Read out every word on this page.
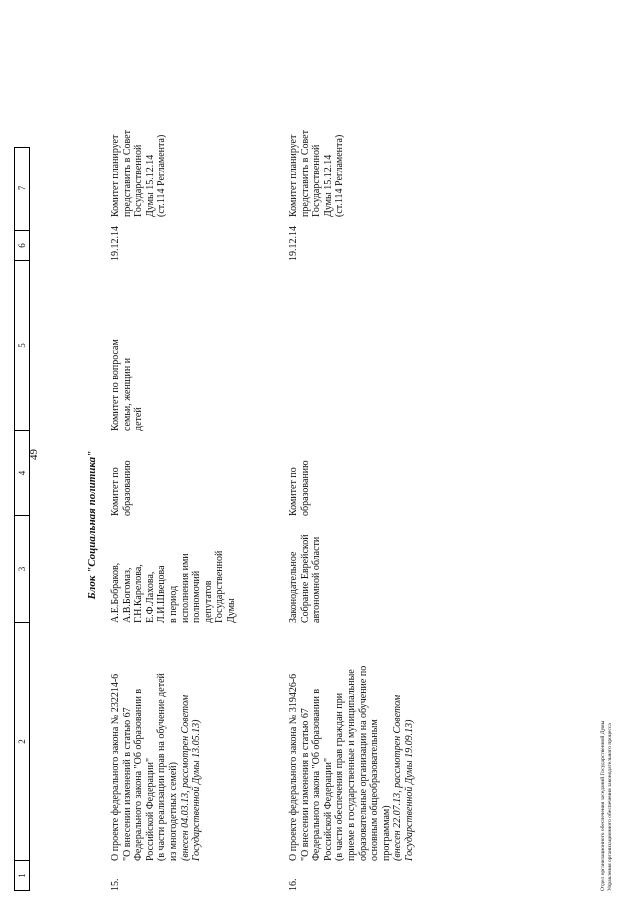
49
1
2
3
4
5
6
7
Блок "Социальная политика"
15.
О проекте федерального закона № 232214-6
"О внесении изменений в статью 67
Федерального закона "Об образовании в
Российской Федерации"
(в части реализации прав на обучение детей
из многодетных семей)
(внесен 04.03.13, рассмотрен Советом
Государственной Думы 13.05.13)
А.Е.Бобраков,
А.В.Богомаз,
Г.Н.Карелова,
Е.Ф.Лахова,
Л.И.Швецова
в период
исполнения ими
полномочий
депутатов
Государственной
Думы
Комитет по
образованию
Комитет по вопросам
семьи, женщин и
детей
19.12.14
Комитет планирует
представить в Совет
Государственной
Думы 15.12.14
(ст.114 Регламента)
16.
О проекте федерального закона № 319426-6
"О внесении изменения в статью 67
Федерального закона "Об образовании в
Российской Федерации"
(в части обеспечения прав граждан при
приеме в государственные и муниципальные
образовательные организации на обучение по
основным общеобразовательным
программам) (внесен 22.07.13, рассмотрен Советом
Государственной Думы 19.09.13)
Законодательное
Собрание Еврейской
автономной области
Комитет по
образованию
19.12.14
Комитет планирует
представить в Совет
Государственной
Думы 15.12.14
(ст.114 Регламента)
Отдел организационного обеспечения заседаний Государственной Думы
Управления организационного обеспечения законодательного процесса
